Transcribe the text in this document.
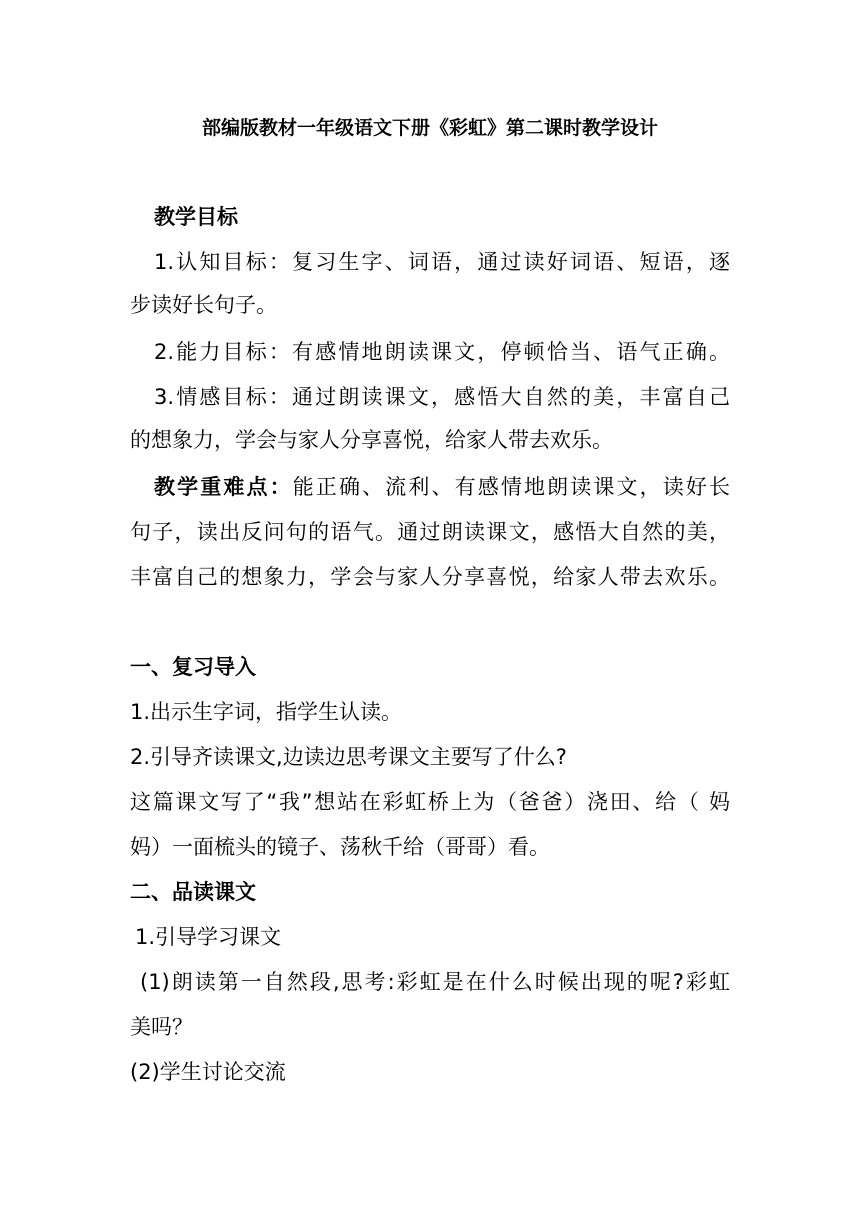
部编版教材一年级语文下册《彩虹》第二课时教学设计
教学目标
1.认知目标：复习生字、词语，通过读好词语、短语，逐
步读好长句子。
2.能力目标：有感情地朗读课文，停顿恰当、语气正确。
3.情感目标：通过朗读课文，感悟大自然的美，丰富自己
的想象力，学会与家人分享喜悦，给家人带去欢乐。
教学重难点：能正确、流利、有感情地朗读课文，读好长
句子，读出反问句的语气。通过朗读课文，感悟大自然的美，
丰富自己的想象力，学会与家人分享喜悦，给家人带去欢乐。
一、复习导入
1.出示生字词，指学生认读。
2.引导齐读课文,边读边思考课文主要写了什么?
这篇课文写了“我”想站在彩虹桥上为（爸爸）浇田、给（ 妈
妈）一面梳头的镜子、荡秋千给（哥哥）看。
二、品读课文
1.引导学习课文
(1)朗读第一自然段,思考:彩虹是在什么时候出现的呢?彩虹
美吗？
(2)学生讨论交流
